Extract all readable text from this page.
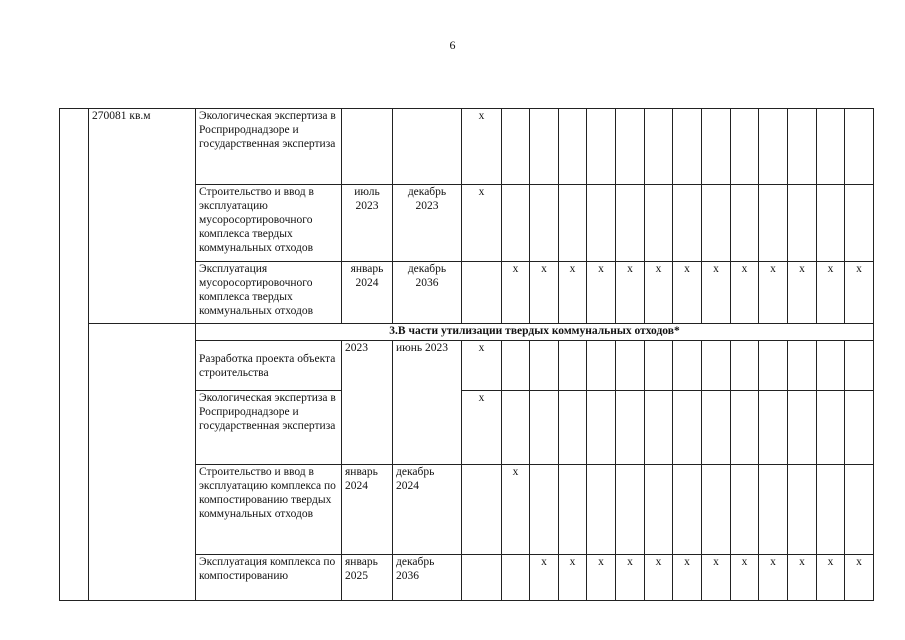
6
	270081 кв.м	Экологическая экспертиза в Росприроднадзоре и государственная экспертиза			х													
		Строительство и ввод в эксплуатацию мусоросортировочного комплекса твердых коммунальных отходов	июль 2023	декабрь 2023	х													
		Эксплуатация мусоросортировочного комплекса твердых коммунальных отходов	январь 2024	декабрь 2036		х	х	х	х	х	х	х	х	х	х	х	х	х
		3.В части утилизации твердых коммунальных отходов*																
		Разработка проекта объекта строительства	2023	июнь 2023	х													
		Экологическая экспертиза в Росприроднадзоре и государственная экспертиза			х													
		Строительство и ввод в эксплуатацию комплекса по компостированию твердых коммунальных отходов	январь 2024	декабрь 2024		х												
		Эксплуатация комплекса по компостированию	январь 2025	декабрь 2036			х	х	х	х	х	х	х	х	х	х	х	х
